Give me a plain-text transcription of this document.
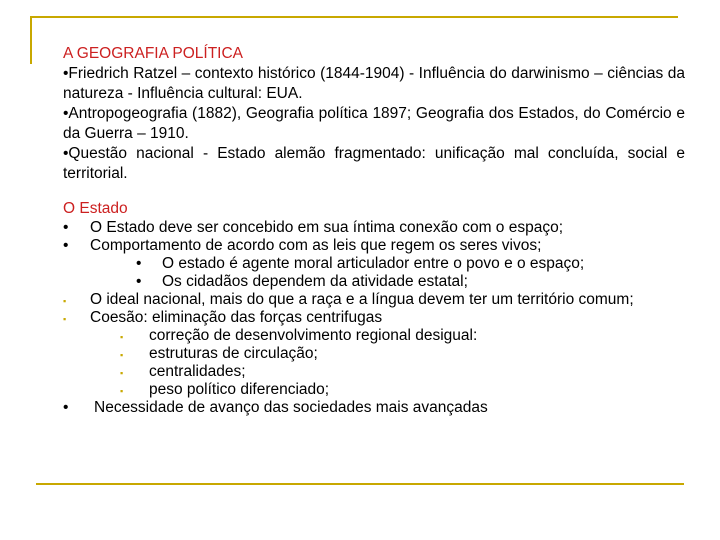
A GEOGRAFIA POLÍTICA
•Friedrich Ratzel – contexto histórico (1844-1904) - Influência do darwinismo – ciências da natureza - Influência cultural: EUA.
•Antropogeografia (1882), Geografia política 1897; Geografia dos Estados, do Comércio e da Guerra – 1910.
•Questão nacional - Estado alemão fragmentado: unificação mal concluída, social e territorial.
O Estado
• O Estado deve ser concebido em sua íntima conexão com o espaço;
• Comportamento de acordo com as leis que regem os seres vivos;
• O estado é agente moral articulador entre o povo e o espaço;
• Os cidadãos dependem da atividade estatal;
▪ O ideal nacional, mais do que a raça e a língua devem ter um território comum;
▪ Coesão: eliminação das forças centrifugas
▪ correção de desenvolvimento regional desigual:
▪ estruturas de circulação;
▪ centralidades;
▪ peso político diferenciado;
• Necessidade de avanço das sociedades mais avançadas
